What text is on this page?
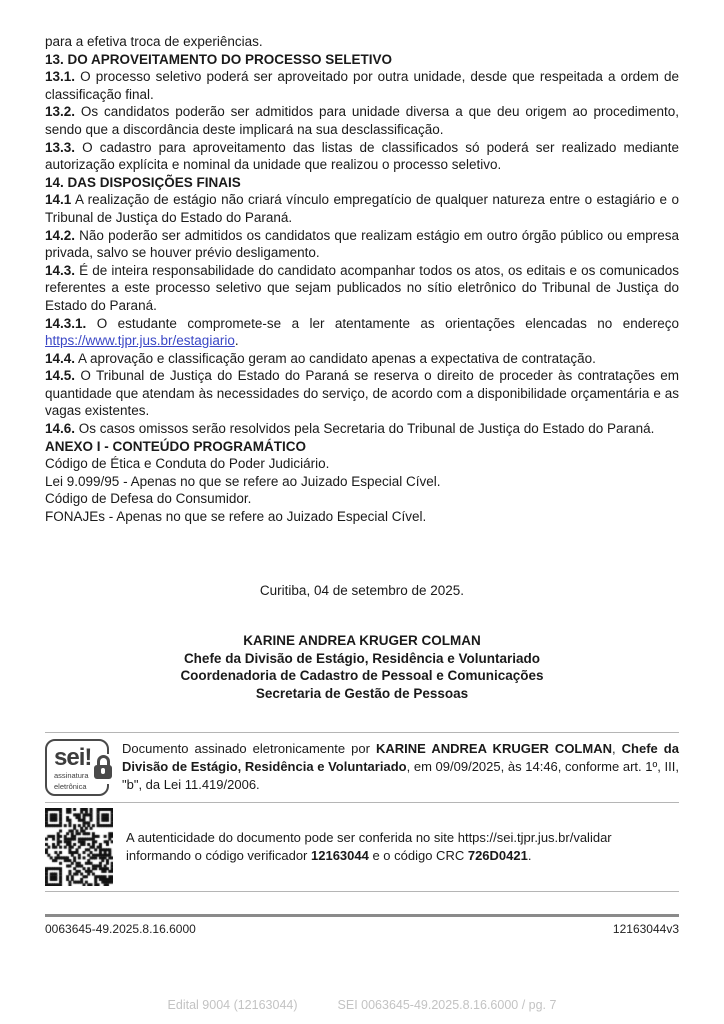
para a efetiva troca de experiências.

13. DO APROVEITAMENTO DO PROCESSO SELETIVO

13.1. O processo seletivo poderá ser aproveitado por outra unidade, desde que respeitada a ordem de classificação final.

13.2. Os candidatos poderão ser admitidos para unidade diversa a que deu origem ao procedimento, sendo que a discordância deste implicará na sua desclassificação.

13.3. O cadastro para aproveitamento das listas de classificados só poderá ser realizado mediante autorização explícita e nominal da unidade que realizou o processo seletivo.

14. DAS DISPOSIÇÕES FINAIS

14.1 A realização de estágio não criará vínculo empregatício de qualquer natureza entre o estagiário e o Tribunal de Justiça do Estado do Paraná.

14.2. Não poderão ser admitidos os candidatos que realizam estágio em outro órgão público ou empresa privada, salvo se houver prévio desligamento.

14.3. É de inteira responsabilidade do candidato acompanhar todos os atos, os editais e os comunicados referentes a este processo seletivo que sejam publicados no sítio eletrônico do Tribunal de Justiça do Estado do Paraná.

14.3.1. O estudante compromete-se a ler atentamente as orientações elencadas no endereço https://www.tjpr.jus.br/estagiario.

14.4. A aprovação e classificação geram ao candidato apenas a expectativa de contratação.

14.5. O Tribunal de Justiça do Estado do Paraná se reserva o direito de proceder às contratações em quantidade que atendam às necessidades do serviço, de acordo com a disponibilidade orçamentária e as vagas existentes.

14.6. Os casos omissos serão resolvidos pela Secretaria do Tribunal de Justiça do Estado do Paraná.

ANEXO I - CONTEÚDO PROGRAMÁTICO

Código de Ética e Conduta do Poder Judiciário.

Lei 9.099/95 - Apenas no que se refere ao Juizado Especial Cível.

Código de Defesa do Consumidor.

FONAJEs - Apenas no que se refere ao Juizado Especial Cível.

Curitiba, 04 de setembro de 2025.
KARINE ANDREA KRUGER COLMAN
Chefe da Divisão de Estágio, Residência e Voluntariado
Coordenadoria de Cadastro de Pessoal e Comunicações
Secretaria de Gestão de Pessoas
sei!
assinatura
eletrônica

Documento assinado eletronicamente por KARINE ANDREA KRUGER COLMAN, Chefe da Divisão de Estágio, Residência e Voluntariado, em 09/09/2025, às 14:46, conforme art. 1º, III, "b", da Lei 11.419/2006.

A autenticidade do documento pode ser conferida no site https://sei.tjpr.jus.br/validar informando o código verificador 12163044 e o código CRC 726D0421.

0063645-49.2025.8.16.6000	12163044v3
Edital 9004 (12163044)	SEI 0063645-49.2025.8.16.6000 / pg. 7
